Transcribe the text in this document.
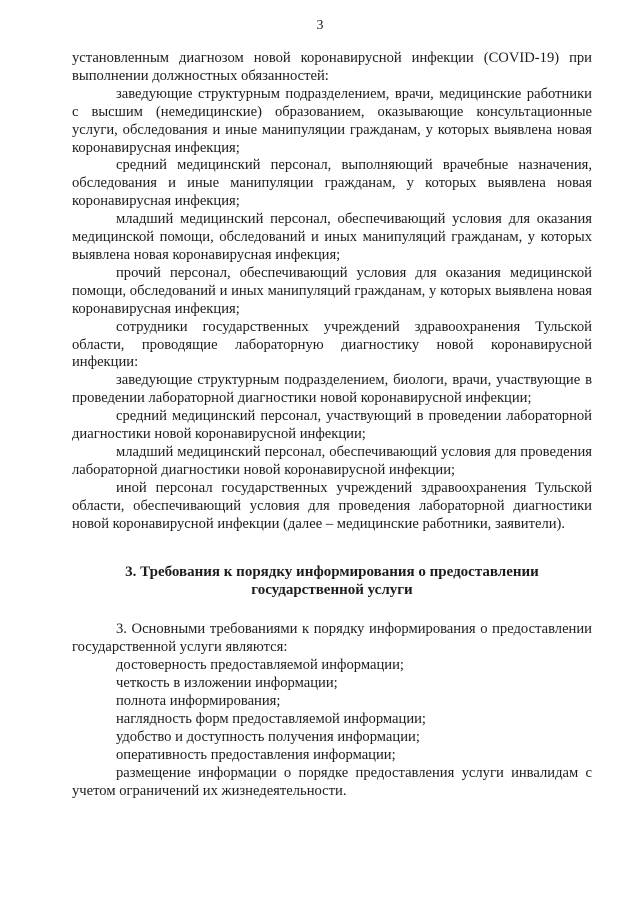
3

установленным диагнозом новой коронавирусной инфекции (COVID-19) при выполнении должностных обязанностей:

заведующие структурным подразделением, врачи, медицинские работники с высшим (немедицинские) образованием, оказывающие консультационные услуги, обследования и иные манипуляции гражданам, у которых выявлена новая коронавирусная инфекция;

средний медицинский персонал, выполняющий врачебные назначения, обследования и иные манипуляции гражданам, у которых выявлена новая коронавирусная инфекция;

младший медицинский персонал, обеспечивающий условия для оказания медицинской помощи, обследований и иных манипуляций гражданам, у которых выявлена новая коронавирусная инфекция;

прочий персонал, обеспечивающий условия для оказания медицинской помощи, обследований и иных манипуляций гражданам, у которых выявлена новая коронавирусная инфекция;

сотрудники государственных учреждений здравоохранения Тульской области, проводящие лабораторную диагностику новой коронавирусной инфекции:

заведующие структурным подразделением, биологи, врачи, участвующие в проведении лабораторной диагностики новой коронавирусной инфекции;

средний медицинский персонал, участвующий в проведении лабораторной диагностики новой коронавирусной инфекции;

младший медицинский персонал, обеспечивающий условия для проведения лабораторной диагностики новой коронавирусной инфекции;

иной персонал государственных учреждений здравоохранения Тульской области, обеспечивающий условия для проведения лабораторной диагностики новой коронавирусной инфекции (далее – медицинские работники, заявители).

3. Требования к порядку информирования о предоставлении
государственной услуги

3. Основными требованиями к порядку информирования о предоставлении государственной услуги являются:

достоверность предоставляемой информации;

четкость в изложении информации;

полнота информирования;

наглядность форм предоставляемой информации;

удобство и доступность получения информации;

оперативность предоставления информации;

размещение информации о порядке предоставления услуги инвалидам с учетом ограничений их жизнедеятельности.
